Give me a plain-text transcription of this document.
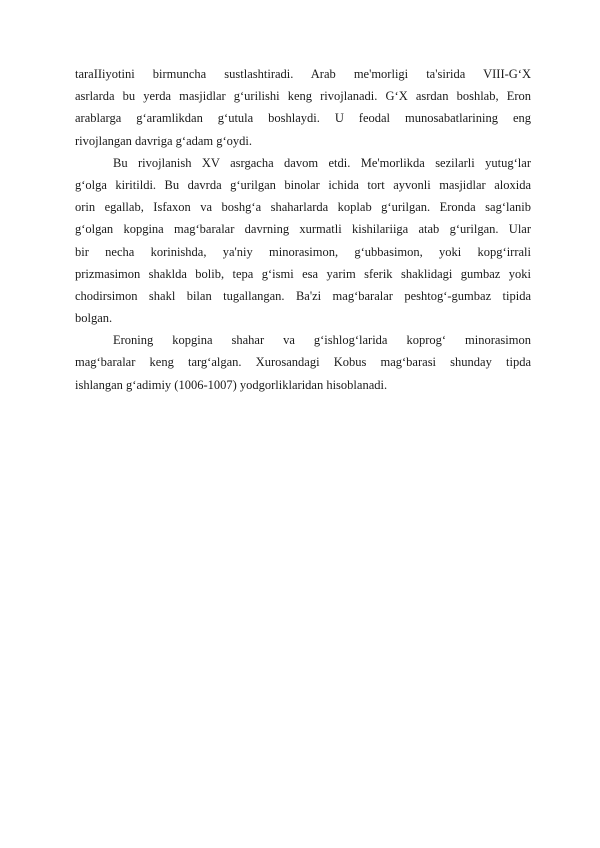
taraIIiyotini birmuncha sustlashtiradi. Arab me'morligi ta'sirida VIII-G‘X
asrlarda bu yerda masjidlar g‘urilishi keng rivojlanadi. G‘X asrdan boshlab, Eron
arablarga g‘aramlikdan g‘utula boshlaydi. U feodal munosabatlarining eng
rivojlangan davriga g‘adam g‘oydi.
Bu rivojlanish XV asrgacha davom etdi. Me'morlikda sezilarli yutug‘lar
g‘olga kiritildi. Bu davrda g‘urilgan binolar ichida tort ayvonli masjidlar aloxida
orin egallab, Isfaxon va boshg‘a shaharlarda koplab g‘urilgan. Eronda sag‘lanib
g‘olgan kopgina mag‘baralar davrning xurmatli kishilariiga atab g‘urilgan. Ular
bir necha korinishda, ya'niy minorasimon, g‘ubbasimon, yoki kopg‘irrali
prizmasimon shaklda bolib, tepa g‘ismi esa yarim sferik shaklidagi gumbaz yoki
chodirsimon shakl bilan tugallangan. Ba'zi mag‘baralar peshtog‘-gumbaz tipida
bolgan.
Eroning kopgina shahar va g‘ishlog‘larida koprog‘ minorasimon
mag‘baralar keng targ‘algan. Xurosandagi Kobus mag‘barasi shunday tipda
ishlangan g‘adimiy (1006-1007) yodgorliklaridan hisoblanadi.
